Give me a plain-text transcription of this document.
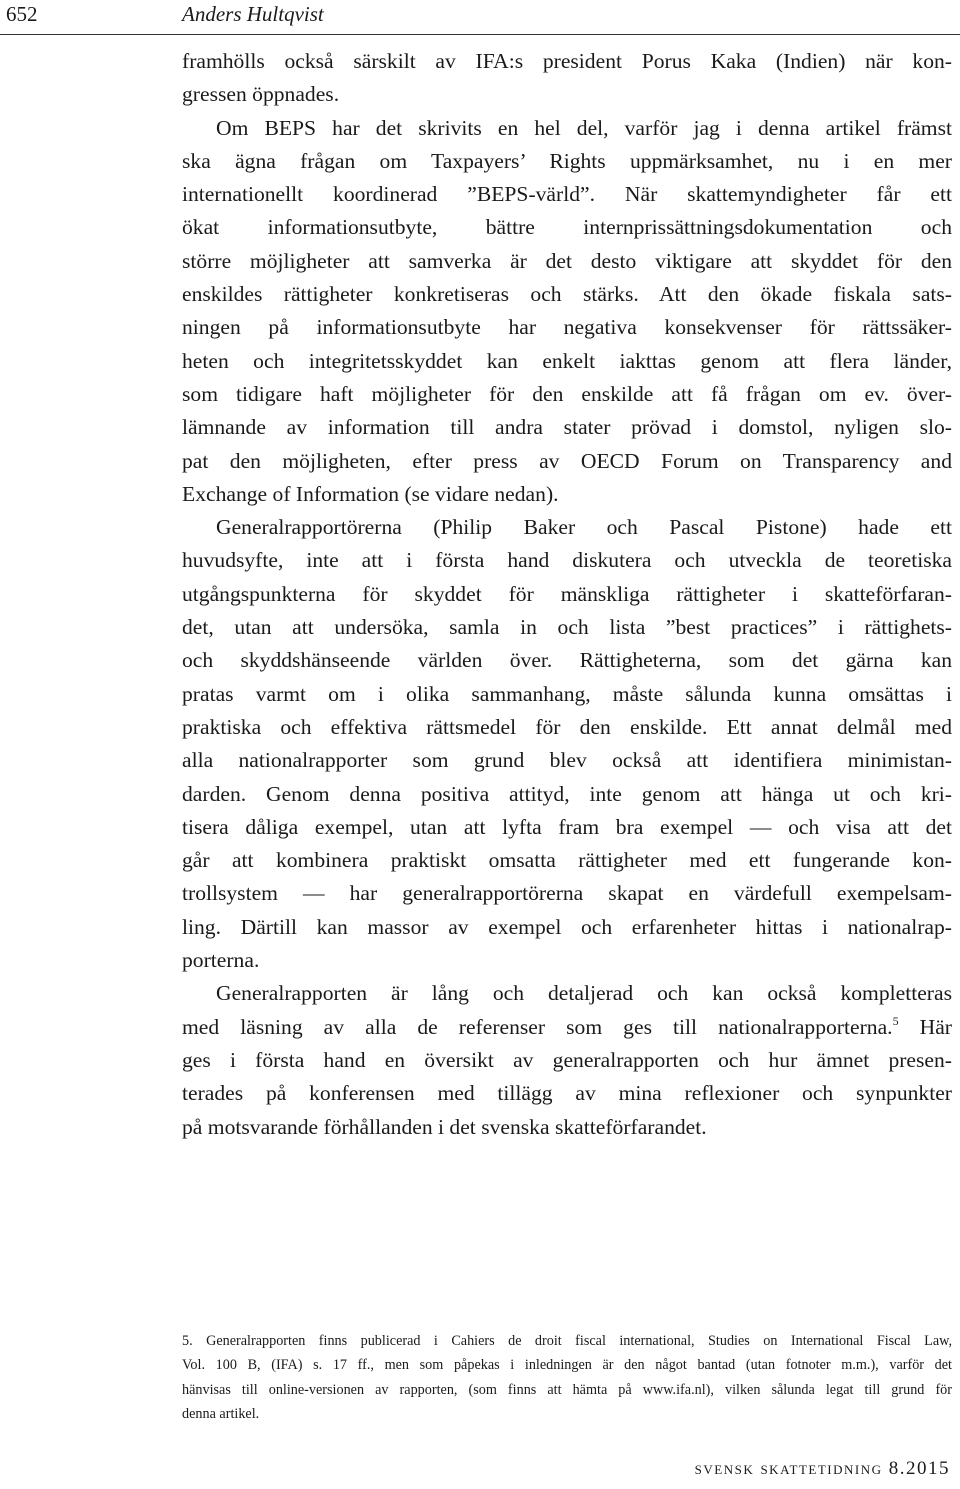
652	Anders Hultqvist
framhölls också särskilt av IFA:s president Porus Kaka (Indien) när kon-
gressen öppnades.
Om BEPS har det skrivits en hel del, varför jag i denna artikel främst
ska ägna frågan om Taxpayers’ Rights uppmärksamhet, nu i en mer
internationellt koordinerad ”BEPS-värld”. När skattemyndigheter får ett
ökat informationsutbyte, bättre internprissättningsdokumentation och
större möjligheter att samverka är det desto viktigare att skyddet för den
enskildes rättigheter konkretiseras och stärks. Att den ökade fiskala sats-
ningen på informationsutbyte har negativa konsekvenser för rättssäker-
heten och integritetsskyddet kan enkelt iakttas genom att flera länder,
som tidigare haft möjligheter för den enskilde att få frågan om ev. över-
lämnande av information till andra stater prövad i domstol, nyligen slo-
pat den möjligheten, efter press av OECD Forum on Transparency and
Exchange of Information (se vidare nedan).
Generalrapportörerna (Philip Baker och Pascal Pistone) hade ett
huvudsyfte, inte att i första hand diskutera och utveckla de teoretiska
utgångspunkterna för skyddet för mänskliga rättigheter i skatteförfaran-
det, utan att undersöka, samla in och lista ”best practices” i rättighets-
och skyddshänseende världen över. Rättigheterna, som det gärna kan
pratas varmt om i olika sammanhang, måste sålunda kunna omsättas i
praktiska och effektiva rättsmedel för den enskilde. Ett annat delmål med
alla nationalrapporter som grund blev också att identifiera minimistan-
darden. Genom denna positiva attityd, inte genom att hänga ut och kri-
tisera dåliga exempel, utan att lyfta fram bra exempel — och visa att det
går att kombinera praktiskt omsatta rättigheter med ett fungerande kon-
trollsystem — har generalrapportörerna skapat en värdefull exempelsam-
ling. Därtill kan massor av exempel och erfarenheter hittas i nationalrap-
porterna.
Generalrapporten är lång och detaljerad och kan också kompletteras
med läsning av alla de referenser som ges till nationalrapporterna.$^5$ Här
ges i första hand en översikt av generalrapporten och hur ämnet presen-
terades på konferensen med tillägg av mina reflexioner och synpunkter
på motsvarande förhållanden i det svenska skatteförfarandet.
5. Generalrapporten finns publicerad i Cahiers de droit fiscal international, Studies on International Fiscal Law,
Vol. 100 B, (IFA) s. 17 ff., men som påpekas i inledningen är den något bantad (utan fotnoter m.m.), varför det
hänvisas till online-versionen av rapporten, (som finns att hämta på www.ifa.nl), vilken sålunda legat till grund för
denna artikel.
svensk skattetidning 8.2015
